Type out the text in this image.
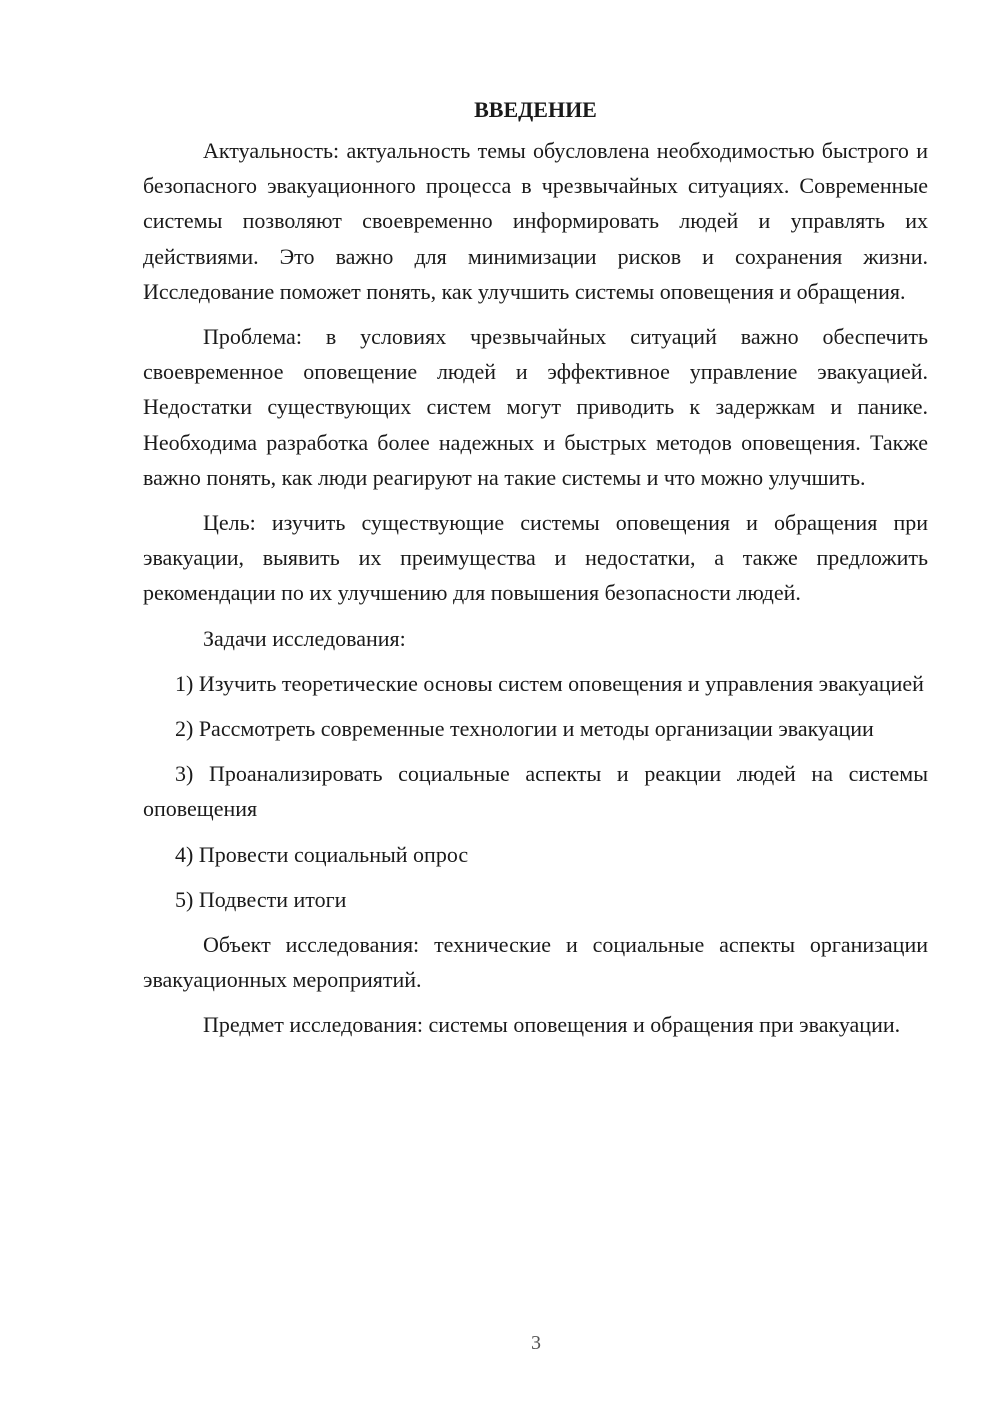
ВВЕДЕНИЕ

Актуальность: актуальность темы обусловлена необходимостью быстрого и безопасного эвакуационного процесса в чрезвычайных ситуациях. Современные системы позволяют своевременно информировать людей и управлять их действиями. Это важно для минимизации рисков и сохранения жизни. Исследование поможет понять, как улучшить системы оповещения и обращения.

Проблема: в условиях чрезвычайных ситуаций важно обеспечить своевременное оповещение людей и эффективное управление эвакуацией. Недостатки существующих систем могут приводить к задержкам и панике. Необходима разработка более надежных и быстрых методов оповещения. Также важно понять, как люди реагируют на такие системы и что можно улучшить.

Цель: изучить существующие системы оповещения и обращения при эвакуации, выявить их преимущества и недостатки, а также предложить рекомендации по их улучшению для повышения безопасности людей.

Задачи исследования:

1) Изучить теоретические основы систем оповещения и управления эвакуацией

2) Рассмотреть современные технологии и методы организации эвакуации

3) Проанализировать социальные аспекты и реакции людей на системы оповещения

4) Провести социальный опрос

5) Подвести итоги

Объект исследования: технические и социальные аспекты организации эвакуационных мероприятий.

Предмет исследования: системы оповещения и обращения при эвакуации.

3
